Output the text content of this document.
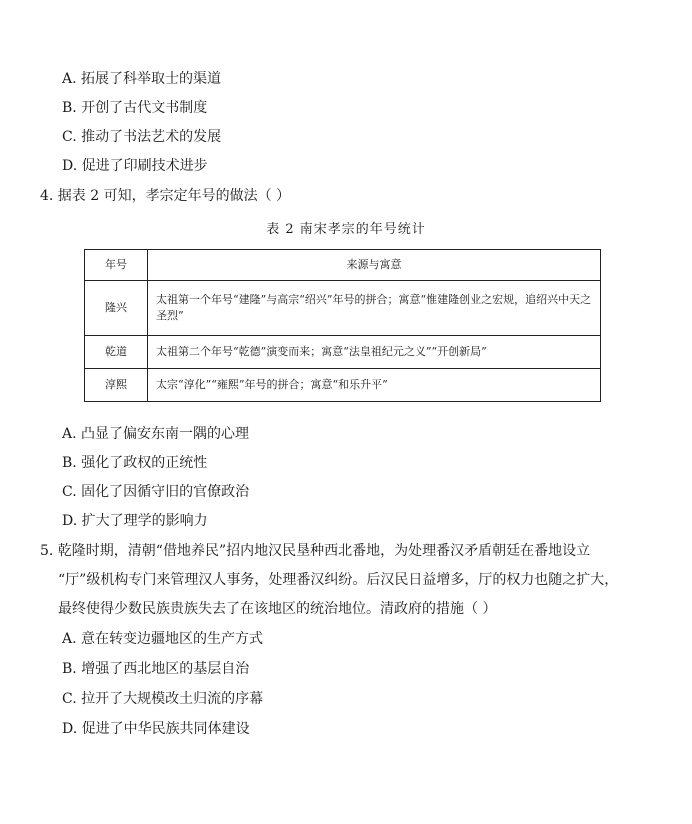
A. 拓展了科举取士的渠道
B. 开创了古代文书制度
C. 推动了书法艺术的发展
D. 促进了印刷技术进步
4. 据表 2 可知，孝宗定年号的做法（ ）
表 2 南宋孝宗的年号统计
年号	来源与寓意
隆兴	太祖第一个年号“建隆”与高宗“绍兴”年号的拼合；寓意“惟建隆创业之宏规，追绍兴中天之圣烈”
乾道	太祖第二个年号“乾德”演变而来；寓意“法皇祖纪元之义”“开创新局”
淳熙	太宗“淳化”“雍熙”年号的拼合；寓意“和乐升平”
A. 凸显了偏安东南一隅的心理
B. 强化了政权的正统性
C. 固化了因循守旧的官僚政治
D. 扩大了理学的影响力
5. 乾隆时期，清朝“借地养民”招内地汉民垦种西北番地，为处理番汉矛盾朝廷在番地设立
“厅”级机构专门来管理汉人事务，处理番汉纠纷。后汉民日益增多，厅的权力也随之扩大，
最终使得少数民族贵族失去了在该地区的统治地位。清政府的措施（ ）
A. 意在转变边疆地区的生产方式
B. 增强了西北地区的基层自治
C. 拉开了大规模改土归流的序幕
D. 促进了中华民族共同体建设
